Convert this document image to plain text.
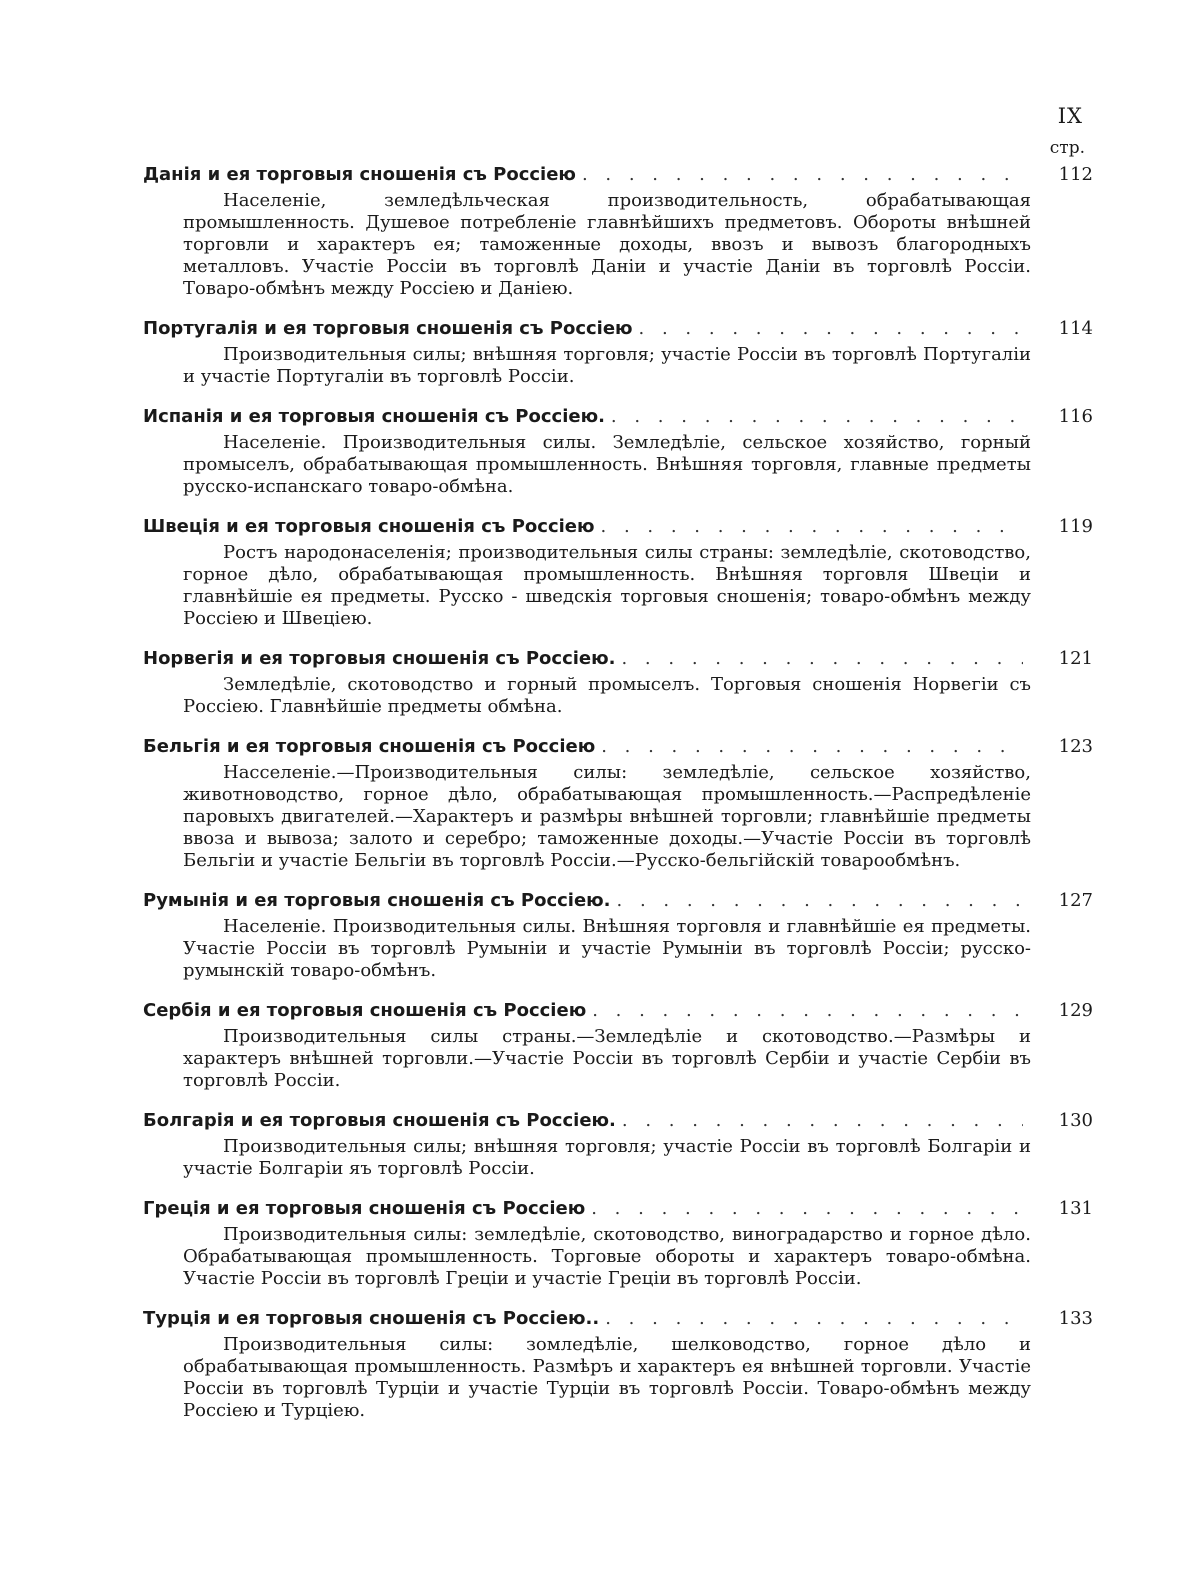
IX
стр.
Данія и ея торговыя сношенія съ Россіею . . .	112

Населеніе, земледѣльческая производительность, обрабатывающая промышленность. Душевое потребленіе главнѣйшихъ предметовъ. Обороты внѣшней торговли и характеръ ея; таможенные доходы, ввозъ и вывозъ благородныхъ металловъ. Участіе Россіи въ торговлѣ Даніи и участіе Даніи въ торговлѣ Россіи. Товаро-обмѣнъ между Россіею и Даніею.

Португалія и ея торговыя сношенія съ Россіею . . .	114

Производительныя силы; внѣшняя торговля; участіе Россіи въ торговлѣ Португаліи и участіе Португаліи въ торговлѣ Россіи.

Испанія и ея торговыя сношенія съ Россіею. . . .	116

Населеніе. Производительныя силы. Земледѣліе, сельское хозяйство, горный промыселъ, обрабатывающая промышленность. Внѣшняя торговля, главные предметы русско-испанскаго товаро-обмѣна.

Швеція и ея торговыя сношенія съ Россіею . . .	119

Ростъ народонаселенія; производительныя силы страны: земледѣліе, скотоводство, горное дѣло, обрабатывающая промышленность. Внѣшняя торговля Швеціи и главнѣйшіе ея предметы. Русско - шведскія торговыя сношенія; товаро-обмѣнъ между Россіею и Швеціею.

Норвегія и ея торговыя сношенія съ Россіею. . . .	121

Земледѣліе, скотоводство и горный промыселъ. Торговыя сношенія Норвегіи съ Россіею. Главнѣйшіе предметы обмѣна.

Бельгія и ея торговыя сношенія съ Россіею . . .	123

Насселеніе.—Производительныя силы: земледѣліе, сельское хозяйство, животноводство, горное дѣло, обрабатывающая промышленность.—Распредѣленіе паровыхъ двигателей.—Характеръ и размѣры внѣшней торговли; главнѣйшіе предметы ввоза и вывоза; залото и серебро; таможенные доходы.—Участіе Россіи въ торговлѣ Бельгіи и участіе Бельгіи въ торговлѣ Россіи.—Русско-бельгійскій товарообмѣнъ.

Румынія и ея торговыя сношенія съ Россіею. . . .	127

Населеніе. Производительныя силы. Внѣшняя торговля и главнѣйшіе ея предметы. Участіе Россіи въ торговлѣ Румыніи и участіе Румыніи въ торговлѣ Россіи; русско-румынскій товаро-обмѣнъ.

Сербія и ея торговыя сношенія съ Россіею . . .	129

Производительныя силы страны.—Земледѣліе и скотоводство.—Размѣры и характеръ внѣшней торговли.—Участіе Россіи въ торговлѣ Сербіи и участіе Сербіи въ торговлѣ Россіи.

Болгарія и ея торговыя сношенія съ Россіею. . . .	130

Производительныя силы; внѣшняя торговля; участіе Россіи въ торговлѣ Болгаріи и участіе Болгаріи яъ торговлѣ Россіи.

Греція и ея торговыя сношенія съ Россіею . . .	131

Производительныя силы: земледѣліе, скотоводство, виноградарство и горное дѣло. Обрабатывающая промышленность. Торговые обороты и характеръ товаро-обмѣна. Участіе Россіи въ торговлѣ Греціи и участіе Греціи въ торговлѣ Россіи.

Турція и ея торговыя сношенія съ Россіею.. . . .	133

Производительныя силы: зомледѣліе, шелководство, горное дѣло и обрабатывающая промышленность. Размѣръ и характеръ ея внѣшней торговли. Участіе Россіи въ торговлѣ Турціи и участіе Турціи въ торговлѣ Россіи. Товаро-обмѣнъ между Россіею и Турціею.
